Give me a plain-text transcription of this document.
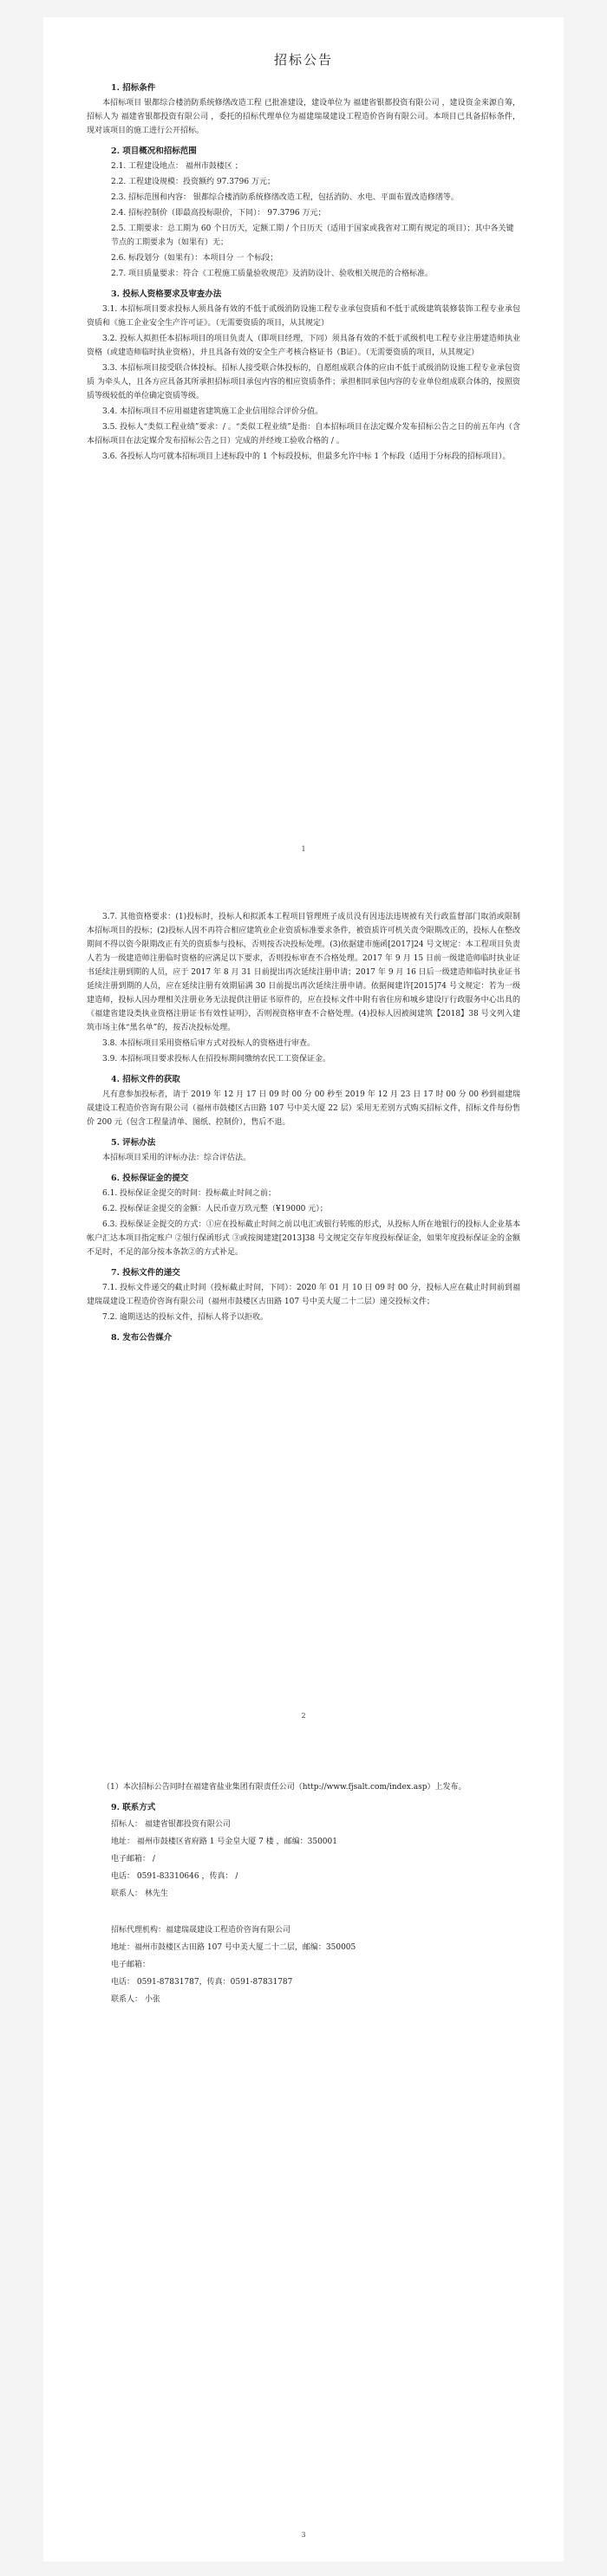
招标公告
1. 招标条件
本招标项目 银都综合楼消防系统修缮改造工程 已批准建设，建设单位为 福建省银都投资有限公司 ，建设资金来源自筹，招标人为 福建省银都投资有限公司 ，委托的招标代理单位为福建瑞晟建设工程造价咨询有限公司。本项目已具备招标条件，现对该项目的施工进行公开招标。
2. 项目概况和招标范围
2.1. 工程建设地点： 福州市鼓楼区 ；
2.2. 工程建设规模：投资额约 97.3796 万元；
2.3. 招标范围和内容： 银都综合楼消防系统修缮改造工程，包括消防、水电、平面布置改造修缮等。
2.4. 招标控制价（即最高投标限价，下同）： 97.3796 万元；
2.5. 工期要求：总工期为 60 个日历天，定额工期 / 个日历天（适用于国家或我省对工期有规定的项目）；其中各关键节点的工期要求为（如果有）无；
2.6. 标段划分（如果有）：本项目分 一 个标段；
2.7. 项目质量要求：符合《工程施工质量验收规范》及消防设计、验收相关规范的合格标准。
3. 投标人资格要求及审查办法
3.1. 本招标项目要求投标人须具备有效的不低于贰级消防设施工程专业承包资质和不低于贰级建筑装修装饰工程专业承包资质和《施工企业安全生产许可证》。（无需要资质的项目，从其规定）
3.2. 投标人拟担任本招标项目的项目负责人（即项目经理，下同）须具备有效的不低于贰级机电工程专业注册建造师执业资格（或建造师临时执业资格），并且具备有效的安全生产考核合格证书（B证）。（无需要资质的项目，从其规定）
3.3. 本招标项目接受联合体投标。招标人接受联合体投标的，自愿组成联合体的应由不低于贰级消防设施工程专业承包资质 为牵头人，且各方应具备其所承担招标项目承包内容的相应资质条件；承担相同承包内容的专业单位组成联合体的，按照资质等级较低的单位确定资质等级。
3.4. 本招标项目不应用福建省建筑施工企业信用综合评价分值。
3.5. 投标人“类似工程业绩”要求：/ 。“类似工程业绩”是指：自本招标项目在法定媒介发布招标公告之日的前五年内（含本招标项目在法定媒介发布招标公告之日）完成的并经竣工验收合格的 / 。
3.6. 各投标人均可就本招标项目上述标段中的 1 个标段投标，但最多允许中标 1 个标段（适用于分标段的招标项目）。
1
3.7. 其他资格要求：(1)投标时，投标人和拟派本工程项目管理班子成员没有因违法违规被有关行政监督部门取消或限制本招标项目的投标；(2)投标人因不再符合相应建筑业企业资质标准要求条件，被资质许可机关责令限期改正的，投标人在整改期间不得以资今限期改正有关的资质参与投标，否则按否决投标处理。(3)依据建市施函[2017]24 号文规定：本工程项目负责人若为一级建造师注册临时资格的应满足以下要求，否则投标审查不合格处理。2017 年 9 月 15 日前一级建造师临时执业证书延续注册到期的人员，应于 2017 年 8 月 31 日前提出再次延续注册申请；2017 年 9 月 16 日后一级建造师临时执业证书延续注册到期的人员，应在延续注册有效期届满 30 日前提出再次延续注册申请。依据闽建许[2015]74 号文规定：若为一级建造师，投标人因办理相关注册业务无法提供注册证书原件的，应在投标文件中附有省住房和城乡建设厅行政服务中心出具的《福建省建设类执业资格注册证书有效性证明》，否则视资格审查不合格处理。(4)投标人因被闽建筑【2018】38 号文列入建筑市场主体“黑名单”的，按否决投标处理。
3.8. 本招标项目采用资格后审方式对投标人的资格进行审查。
3.9. 本招标项目要求投标人在招投标期间缴纳农民工工资保证金。
4. 招标文件的获取
凡有意参加投标者，请于 2019 年 12 月 17 日 09 时 00 分 00 秒至 2019 年 12 月 23 日 17 时 00 分 00 秒到福建瑞晟建设工程造价咨询有限公司（福州市鼓楼区古田路 107 号中美大厦 22 层）采用无差别方式购买招标文件，招标文件每份售价 200 元（包含工程量清单、图纸、控制价），售后不退。
5. 评标办法
本招标项目采用的评标办法：综合评估法。
6. 投标保证金的提交
6.1. 投标保证金提交的时间：投标截止时间之前；
6.2. 投标保证金提交的金额：人民币壹万玖元整（¥19000 元）；
6.3. 投标保证金提交的方式：①应在投标截止时间之前以电汇或银行转账的形式，从投标人所在地银行的投标人企业基本帐户汇达本项目指定账户 ②银行保函形式 ③或按闽建建[2013]38 号文规定交存年度投标保证金，如果年度投标保证金的金额不足时，不足的部分按本条款②的方式补足。
7. 投标文件的递交
7.1. 投标文件递交的截止时间（投标截止时间，下同）：2020 年 01 月 10 日 09 时 00 分，投标人应在截止时间前到福建瑞晟建设工程造价咨询有限公司（福州市鼓楼区古田路 107 号中美大厦二十二层）递交投标文件；
7.2. 逾期送达的投标文件，招标人将予以拒收。
8. 发布公告媒介
2
（1）本次招标公告同时在福建省盐业集团有限责任公司（http://www.fjsalt.com/index.asp）上发布。
9. 联系方式
招标人： 福建省银都投资有限公司
地址： 福州市鼓楼区省府路 1 号金皇大厦 7 楼 ，邮编：350001
电子邮箱： /
电话： 0591-83310646 ，传真： /
联系人： 林先生
招标代理机构：福建瑞晟建设工程造价咨询有限公司
地址：福州市鼓楼区古田路 107 号中美大厦二十二层，邮编：350005
电子邮箱：
电话： 0591-87831787，传真：0591-87831787
联系人： 小张
3
